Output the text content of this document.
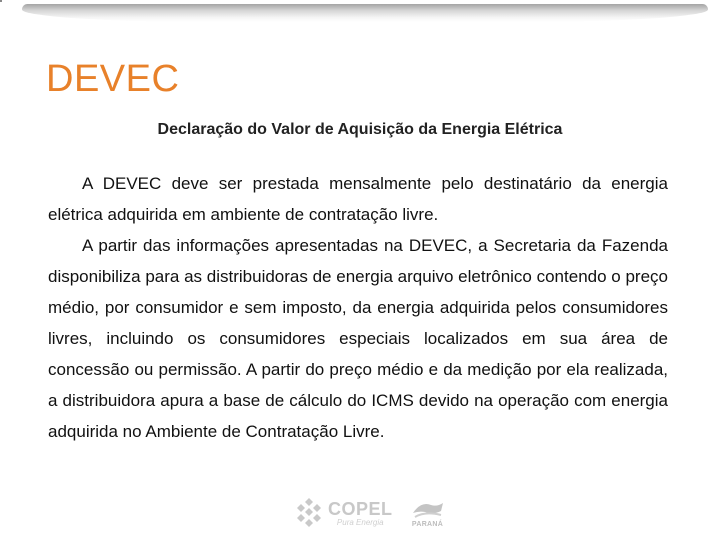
DEVEC
Declaração do Valor de Aquisição da Energia Elétrica

A DEVEC deve ser prestada mensalmente pelo destinatário da energia elétrica adquirida em ambiente de contratação livre.

A partir das informações apresentadas na DEVEC, a Secretaria da Fazenda disponibiliza para as distribuidoras de energia arquivo eletrônico contendo o preço médio, por consumidor e sem imposto, da energia adquirida pelos consumidores livres, incluindo os consumidores especiais localizados em sua área de concessão ou permissão. A partir do preço médio e da medição por ela realizada, a distribuidora apura a base de cálculo do ICMS devido na operação com energia adquirida no Ambiente de Contratação Livre.

COPEL
Pura Energia	PARANÁ
